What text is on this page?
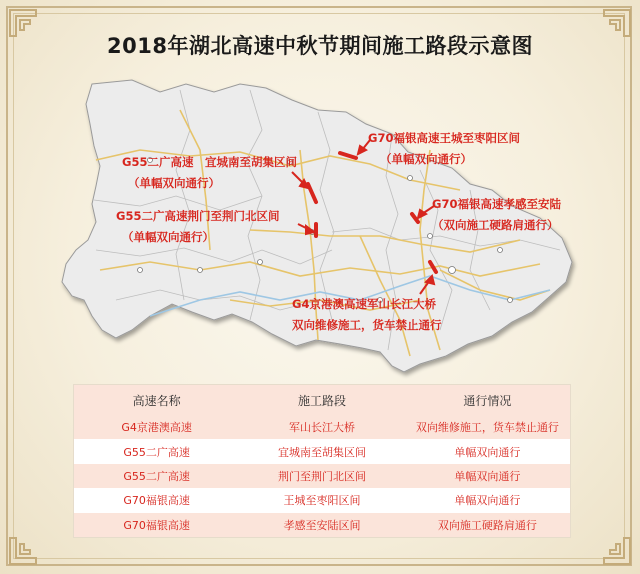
2018年湖北高速中秋节期间施工路段示意图
G70福银高速王城至枣阳区间
（单幅双向通行）
G55二广高速　宜城南至胡集区间
（单幅双向通行）
G70福银高速孝感至安陆
（双向施工硬路肩通行）
G55二广高速荆门至荆门北区间
（单幅双向通行）
G4京港澳高速军山长江大桥
双向维修施工，货车禁止通行
高速名称	施工路段	通行情况
G4京港澳高速	军山长江大桥	双向维修施工，货车禁止通行
G55二广高速	宜城南至胡集区间	单幅双向通行
G55二广高速	荆门至荆门北区间	单幅双向通行
G70福银高速	王城至枣阳区间	单幅双向通行
G70福银高速	孝感至安陆区间	双向施工硬路肩通行
